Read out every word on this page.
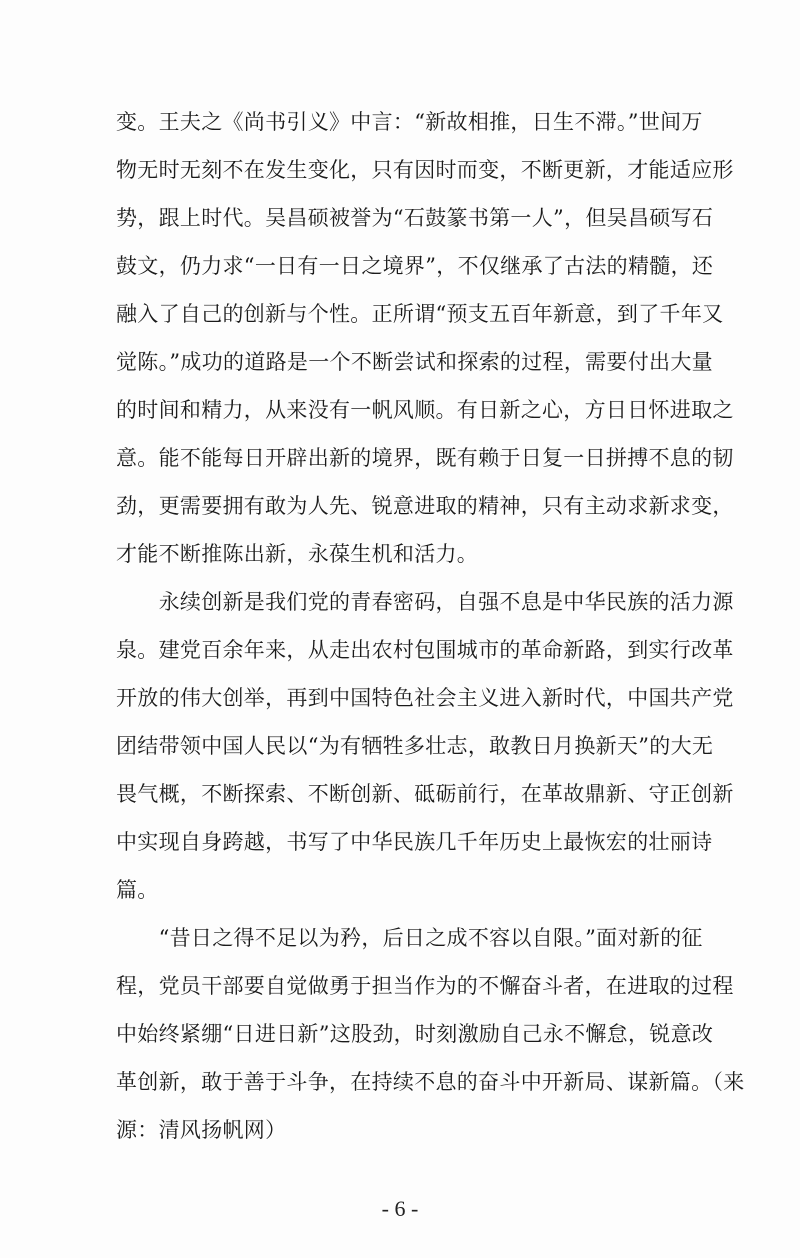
变。王夫之《尚书引义》中言：“新故相推，日生不滞。”世间万
物无时无刻不在发生变化，只有因时而变，不断更新，才能适应形
势，跟上时代。吴昌硕被誉为“石鼓篆书第一人”，但吴昌硕写石
鼓文，仍力求“一日有一日之境界”，不仅继承了古法的精髓，还
融入了自己的创新与个性。正所谓“预支五百年新意，到了千年又
觉陈。”成功的道路是一个不断尝试和探索的过程，需要付出大量
的时间和精力，从来没有一帆风顺。有日新之心，方日日怀进取之
意。能不能每日开辟出新的境界，既有赖于日复一日拼搏不息的韧
劲，更需要拥有敢为人先、锐意进取的精神，只有主动求新求变，
才能不断推陈出新，永葆生机和活力。
　　永续创新是我们党的青春密码，自强不息是中华民族的活力源
泉。建党百余年来，从走出农村包围城市的革命新路，到实行改革
开放的伟大创举，再到中国特色社会主义进入新时代，中国共产党
团结带领中国人民以“为有牺牲多壮志，敢教日月换新天”的大无
畏气概，不断探索、不断创新、砥砺前行，在革故鼎新、守正创新
中实现自身跨越，书写了中华民族几千年历史上最恢宏的壮丽诗
篇。
　　“昔日之得不足以为矜，后日之成不容以自限。”面对新的征
程，党员干部要自觉做勇于担当作为的不懈奋斗者，在进取的过程
中始终紧绷“日进日新”这股劲，时刻激励自己永不懈怠，锐意改
革创新，敢于善于斗争，在持续不息的奋斗中开新局、谋新篇。（来
源：清风扬帆网）
- 6 -
